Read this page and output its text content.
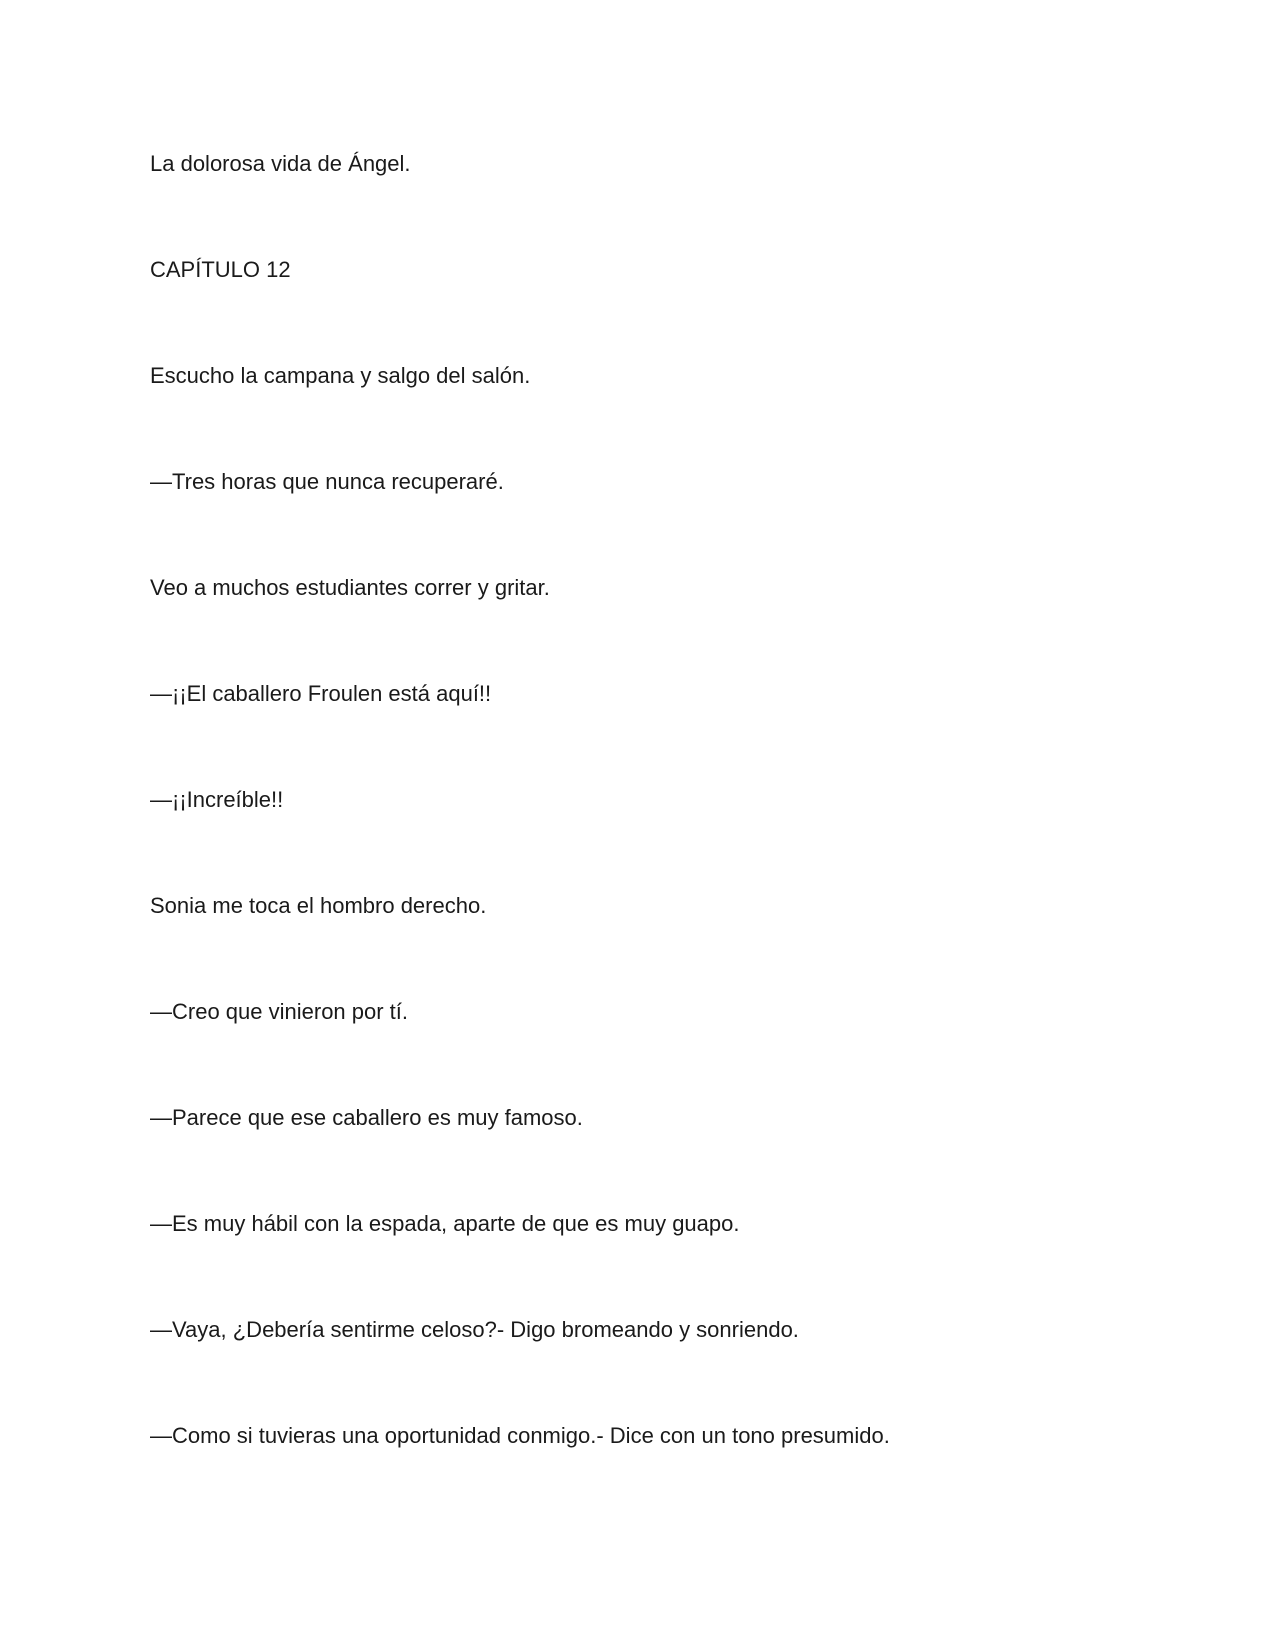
La dolorosa vida de Ángel.
CAPÍTULO 12
Escucho la campana y salgo del salón.
—Tres horas que nunca recuperaré.
Veo a muchos estudiantes correr y gritar.
—¡¡El caballero Froulen está aquí!!
—¡¡Increíble!!
Sonia me toca el hombro derecho.
—Creo que vinieron por tí.
—Parece que ese caballero es muy famoso.
—Es muy hábil con la espada, aparte de que es muy guapo.
—Vaya, ¿Debería sentirme celoso?- Digo bromeando y sonriendo.
—Como si tuvieras una oportunidad conmigo.- Dice con un tono presumido.
